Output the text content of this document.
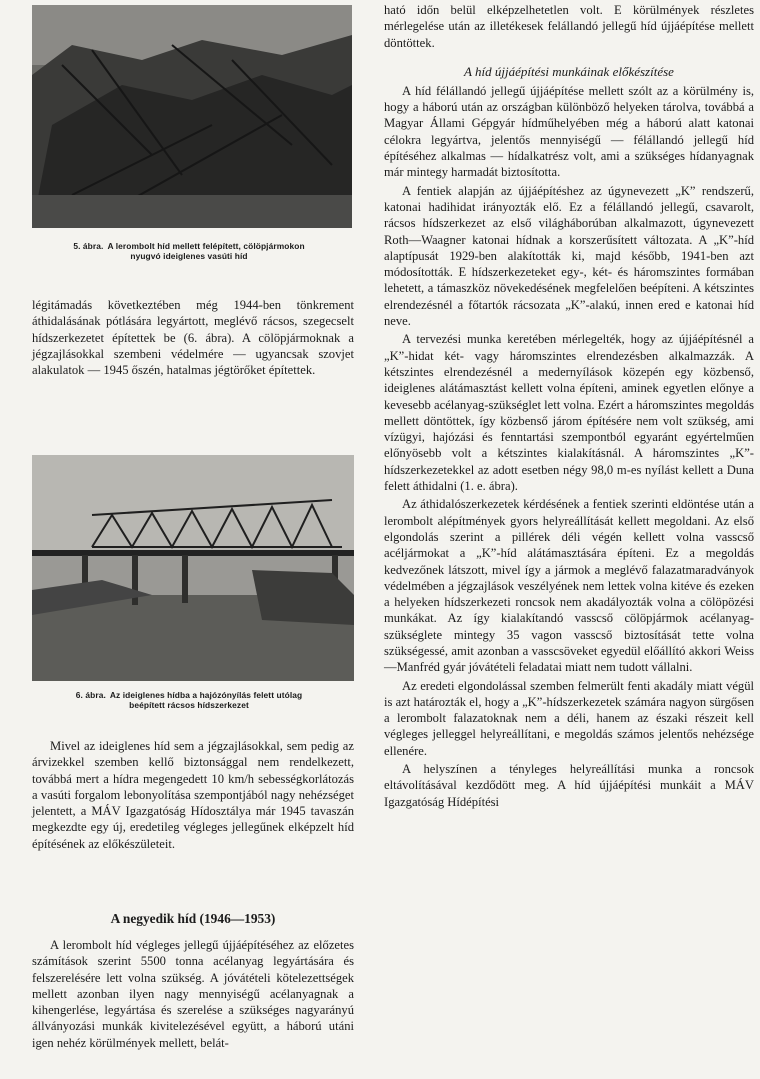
5. ábra. A lerombolt híd mellett felépített, cölöpjármokon
nyugvó ideiglenes vasúti híd

légitámadás következtében még 1944-ben tönkrement áthidalásának pótlására legyártott, meglévő rácsos, szegecselt hídszerkezetet építettek be (6. ábra). A cölöpjármoknak a jégzajlásokkal szembeni védelmére — ugyancsak szovjet alakulatok — 1945 őszén, hatalmas jégtörőket építettek.

6. ábra. Az ideiglenes hídba a hajózónyílás felett utólag
beépített rácsos hídszerkezet

Mivel az ideiglenes híd sem a jégzajlásokkal, sem pedig az árvizekkel szemben kellő biztonsággal nem rendelkezett, továbbá mert a hídra megengedett 10 km/h sebességkorlátozás a vasúti forgalom lebonyolítása szempontjából nagy nehézséget jelentett, a MÁV Igazgatóság Hídosztálya már 1945 tavaszán megkezdte egy új, eredetileg végleges jellegűnek elképzelt híd építésének az előkészületeit.

A negyedik híd (1946—1953)

A lerombolt híd végleges jellegű újjáépítéséhez az előzetes számítások szerint 5500 tonna acélanyag legyártására és felszerelésére lett volna szükség. A jóvátételi kötelezettségek mellett azonban ilyen nagy mennyiségű acélanyagnak a kihengerlése, legyártása és szerelése a szükséges nagyarányú állványozási munkák kivitelezésével együtt, a háború utáni igen nehéz körülmények mellett, belát-

ható időn belül elképzelhetetlen volt. E körülmények részletes mérlegelése után az illetékesek felállandó jellegű híd újjáépítése mellett döntöttek.

A híd újjáépítési munkáinak előkészítése

A híd félállandó jellegű újjáépítése mellett szólt az a körülmény is, hogy a háború után az országban különböző helyeken tárolva, továbbá a Magyar Állami Gépgyár hídműhelyében még a háború alatt katonai célokra legyártva, jelentős mennyiségű — félállandó jellegű híd építéséhez alkalmas — hídalkatrész volt, ami a szükséges hídanyagnak már mintegy harmadát biztosította.

A fentiek alapján az újjáépítéshez az úgynevezett „K” rendszerű, katonai hadihidat irányozták elő. Ez a félállandó jellegű, csavarolt, rácsos hídszerkezet az első világháborúban alkalmazott, úgynevezett Roth—Waagner katonai hídnak a korszerűsített változata. A „K”-híd alaptípusát 1929-ben alakították ki, majd később, 1941-ben azt módosították. E hídszerkezeteket egy-, két- és háromszintes formában lehetett, a támaszköz növekedésének megfelelően beépíteni. A kétszintes elrendezésnél a főtartók rácsozata „K”-alakú, innen ered e katonai híd neve.

A tervezési munka keretében mérlegelték, hogy az újjáépítésnél a „K”-hidat két- vagy háromszintes elrendezésben alkalmazzák. A kétszintes elrendezésnél a medernyílások közepén egy közbenső, ideiglenes alátámasztást kellett volna építeni, aminek egyetlen előnye a kevesebb acélanyag-szükséglet lett volna. Ezért a háromszintes megoldás mellett döntöttek, így közbenső járom építésére nem volt szükség, ami vízügyi, hajózási és fenntartási szempontból egyaránt egyértelműen előnyösebb volt a kétszintes kialakításnál. A háromszintes „K”-hídszerkezetekkel az adott esetben négy 98,0 m-es nyílást kellett a Duna felett áthidalni (1. e. ábra).

Az áthidalószerkezetek kérdésének a fentiek szerinti eldöntése után a lerombolt alépítmények gyors helyreállítását kellett megoldani. Az első elgondolás szerint a pillérek déli végén kellett volna vasscső acéljármokat a „K”-híd alátámasztására építeni. Ez a megoldás kedvezőnek látszott, mivel így a jármok a meglévő falazatmaradványok védelmében a jégzajlások veszélyének nem lettek volna kitéve és ezeken a helyeken hídszerkezeti roncsok nem akadályozták volna a cölöpözési munkákat. Az így kialakítandó vasscső cölöpjármok acélanyag-szükséglete mintegy 35 vagon vasscső biztosítását tette volna szükségessé, amit azonban a vasscsöveket egyedül előállító akkori Weiss—Manfréd gyár jóvátételi feladatai miatt nem tudott vállalni.

Az eredeti elgondolással szemben felmerült fenti akadály miatt végül is azt határozták el, hogy a „K”-hídszerkezetek számára nagyon sürgősen a lerombolt falazatoknak nem a déli, hanem az északi részeit kell végleges jelleggel helyreállítani, e megoldás számos jelentős nehézsége ellenére.

A helyszínen a tényleges helyreállítási munka a roncsok eltávolításával kezdődött meg. A híd újjáépítési munkáit a MÁV Igazgatóság Hídépítési
